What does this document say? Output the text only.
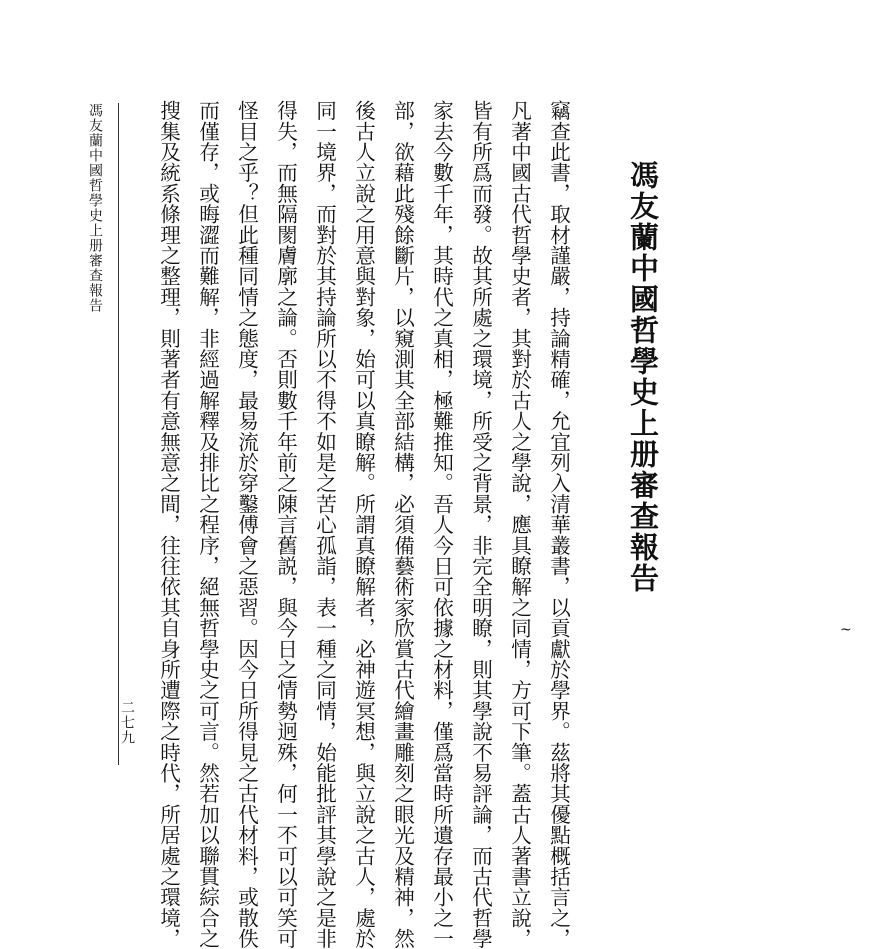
馮友蘭中國哲學史上册審查報告
竊查此書，取材謹嚴，持論精確，允宜列入清華叢書，以貢獻於學界。茲將其優點概括言之，
凡著中國古代哲學史者，其對於古人之學說，應具瞭解之同情，方可下筆。蓋古人著書立說，
皆有所爲而發。故其所處之環境，所受之背景，非完全明瞭，則其學說不易評論，而古代哲學
家去今數千年，其時代之真相，極難推知。吾人今日可依據之材料，僅爲當時所遺存最小之一
部，欲藉此殘餘斷片，以窺測其全部結構，必須備藝術家欣賞古代繪畫雕刻之眼光及精神，然
後古人立說之用意與對象，始可以真瞭解。所謂真瞭解者，必神遊冥想，與立說之古人，處於
同一境界，而對於其持論所以不得不如是之苦心孤詣，表一種之同情，始能批評其學說之是非
得失，而無隔閡膚廓之論。否則數千年前之陳言舊説，與今日之情勢迥殊，何一不可以可笑可
怪目之乎？但此種同情之態度，最易流於穿鑿傅會之惡習。因今日所得見之古代材料，或散佚
而僅存，或晦澀而難解，非經過解釋及排比之程序，絕無哲學史之可言。然若加以聯貫綜合之
搜集及統系條理之整理，則著者有意無意之間，往往依其自身所遭際之時代，所居處之環境，
馮友蘭中國哲學史上册審查報告
二七九
~
